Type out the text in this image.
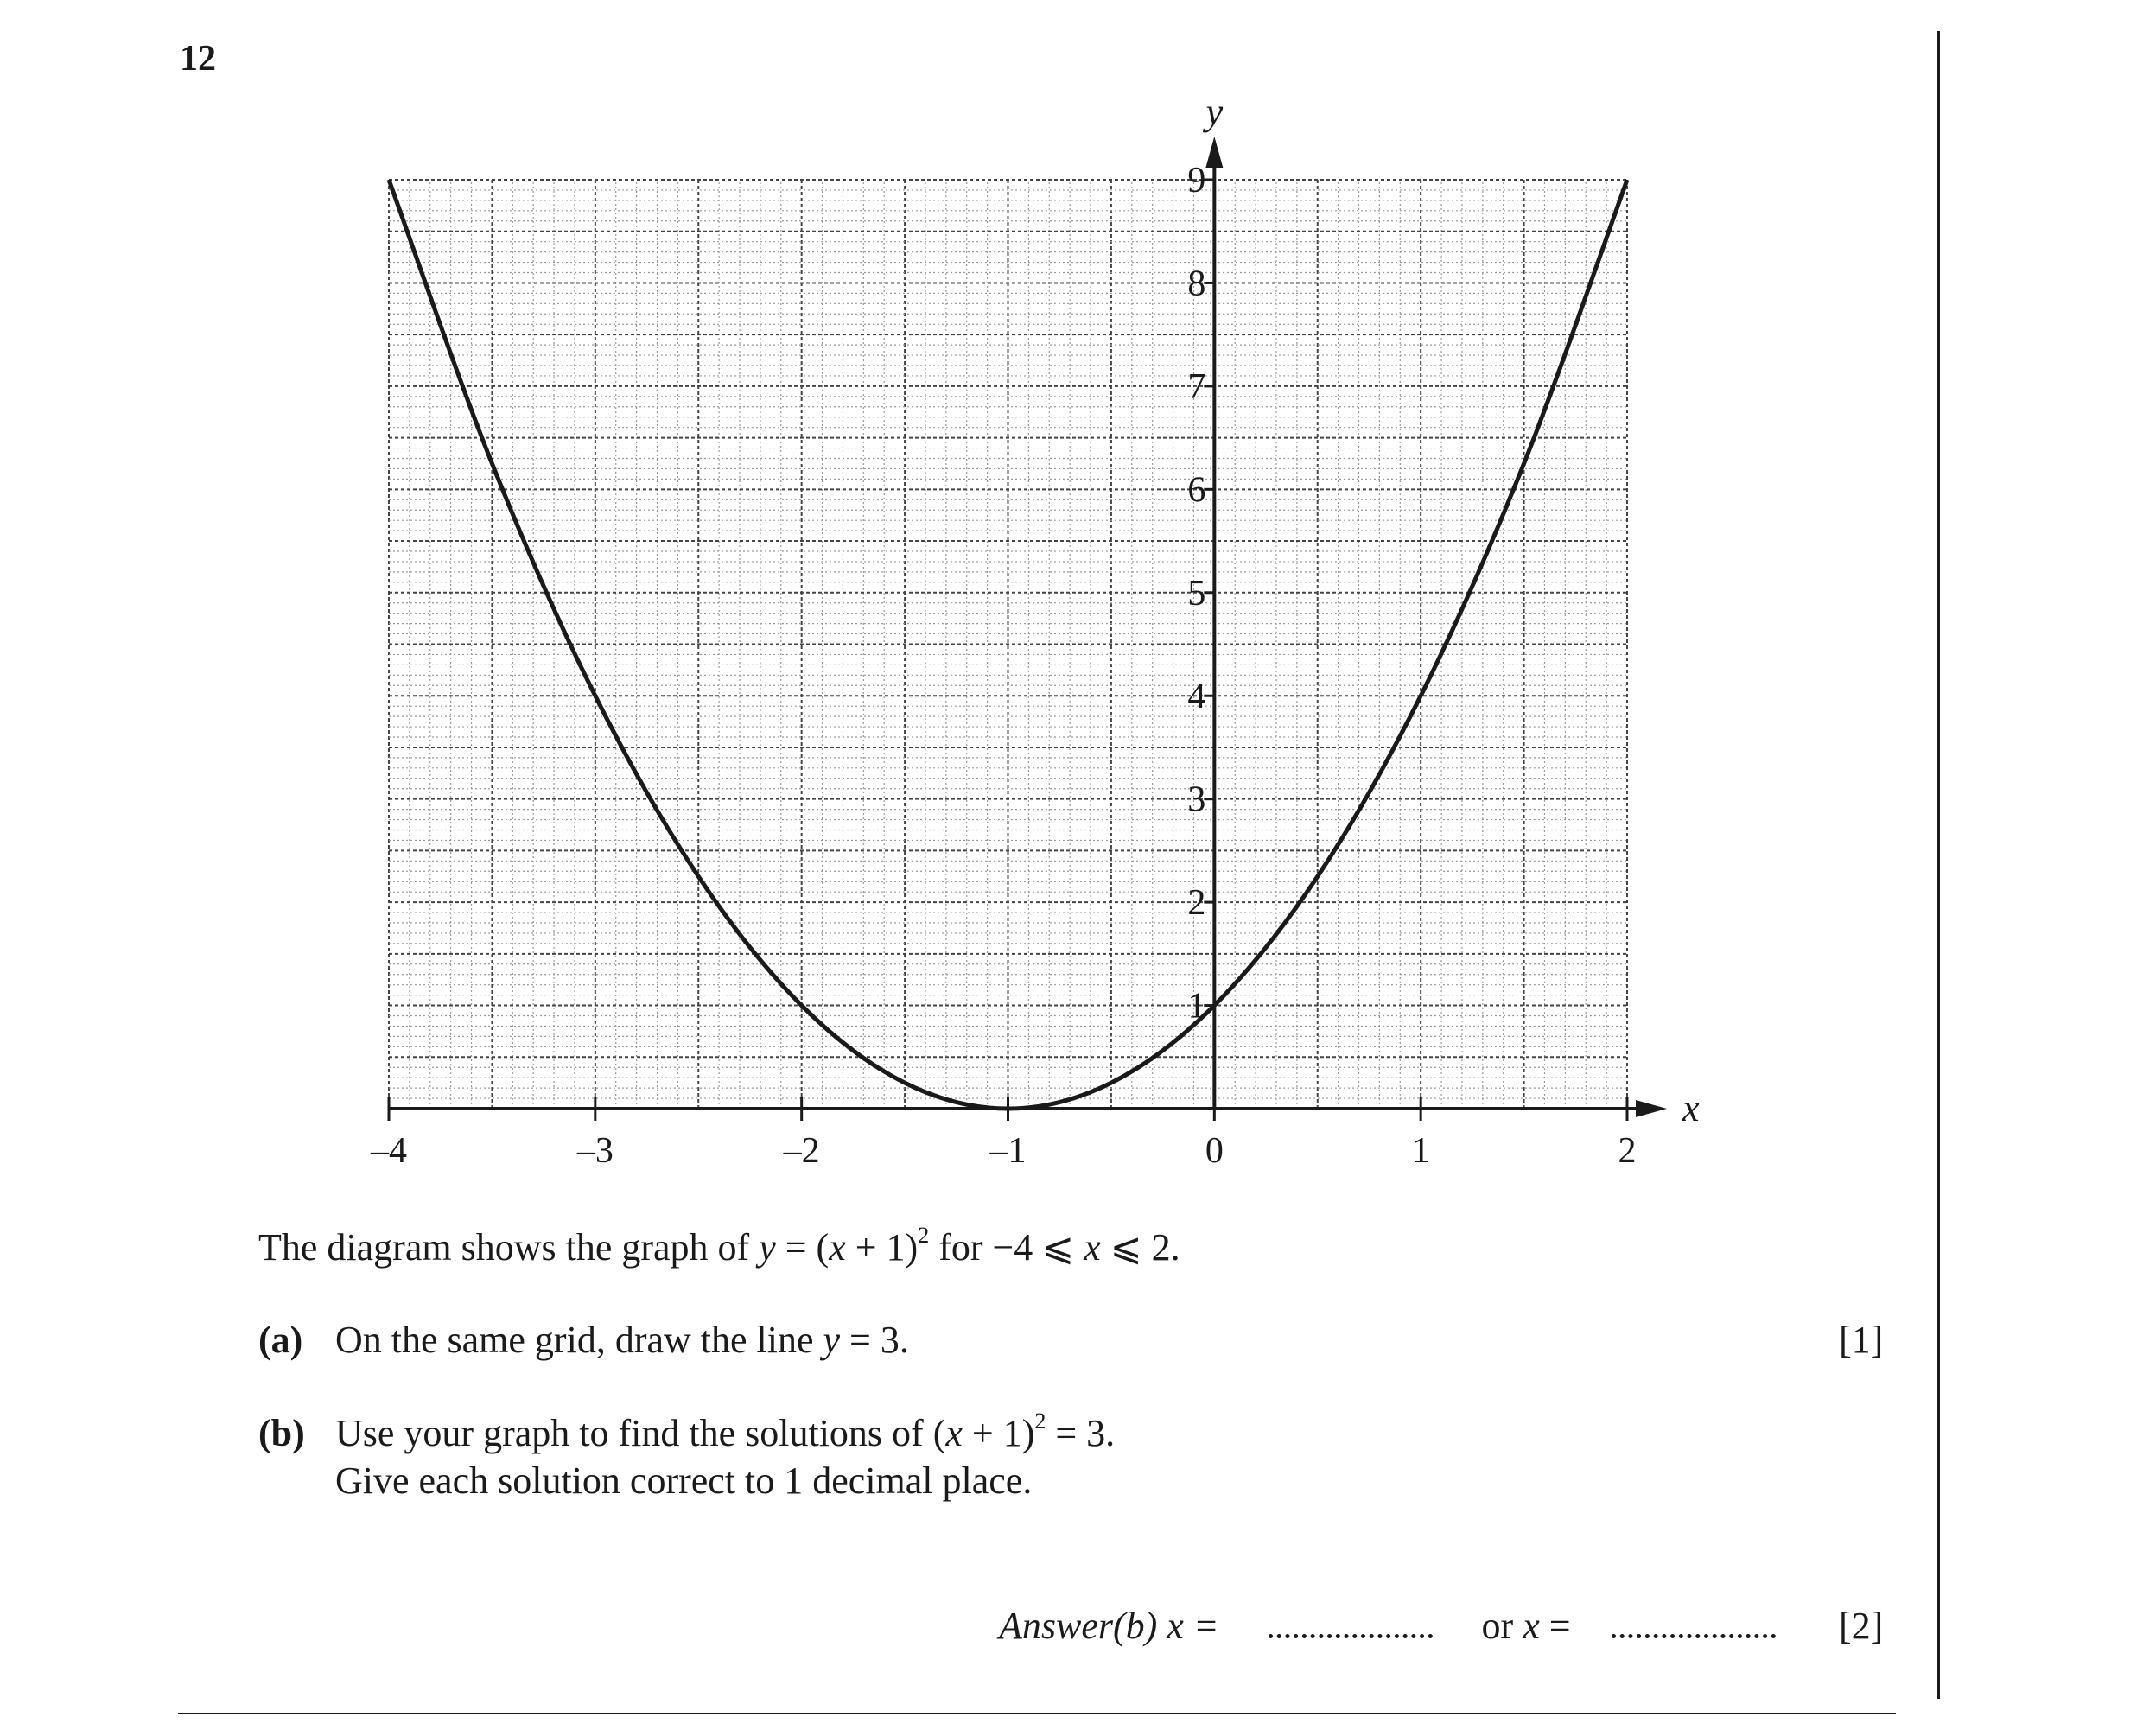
12
–4	–3	–2	–1	0	1	2
1
2
3
4
5
6
7
8
9
x
y
The diagram shows the graph of $y = (x + 1)^2$ for −4 ⩽ x ⩽ 2.
(a) On the same grid, draw the line y = 3.	[1]
(b) Use your graph to find the solutions of $(x + 1)^2 = 3$.
Give each solution correct to 1 decimal place.
Answer(b) x =	or x =	[2]
